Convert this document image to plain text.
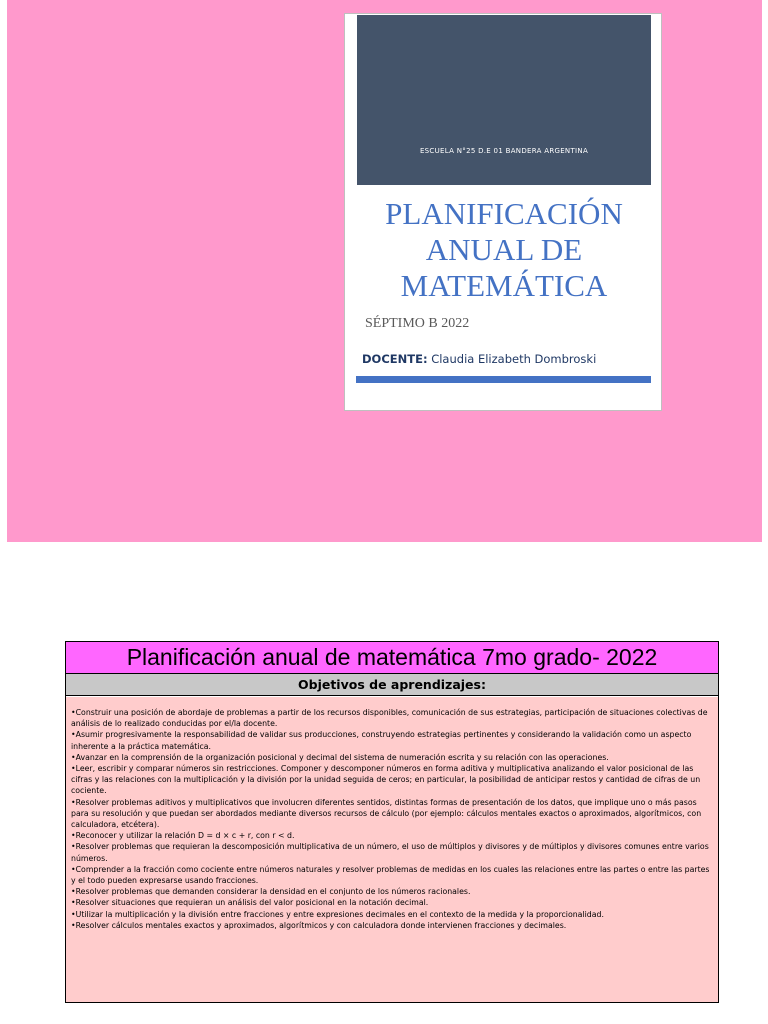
ESCUELA N°25 D.E 01 BANDERA ARGENTINA
PLANIFICACIÓN
ANUAL DE
MATEMÁTICA
SÉPTIMO B 2022
DOCENTE: Claudia Elizabeth Dombroski
Planificación anual de matemática 7mo grado- 2022
Objetivos de aprendizajes:
• Construir una posición de abordaje de problemas a partir de los recursos disponibles, comunicación de sus estrategias, participación de situaciones colectivas de análisis de lo realizado conducidas por el/la docente.
• Asumir progresivamente la responsabilidad de validar sus producciones, construyendo estrategias pertinentes y considerando la validación como un aspecto inherente a la práctica matemática.
• Avanzar en la comprensión de la organización posicional y decimal del sistema de numeración escrita y su relación con las operaciones.
• Leer, escribir y comparar números sin restricciones. Componer y descomponer números en forma aditiva y multiplicativa analizando el valor posicional de las cifras y las relaciones con la multiplicación y la división por la unidad seguida de ceros; en particular, la posibilidad de anticipar restos y cantidad de cifras de un cociente.
• Resolver problemas aditivos y multiplicativos que involucren diferentes sentidos, distintas formas de presentación de los datos, que implique uno o más pasos para su resolución y que puedan ser abordados mediante diversos recursos de cálculo (por ejemplo: cálculos mentales exactos o aproximados, algorítmicos, con calculadora, etcétera).
• Reconocer y utilizar la relación D = d × c + r, con r < d.
• Resolver problemas que requieran la descomposición multiplicativa de un número, el uso de múltiplos y divisores y de múltiplos y divisores comunes entre varios números.
• Comprender a la fracción como cociente entre números naturales y resolver problemas de medidas en los cuales las relaciones entre las partes o entre las partes y el todo pueden expresarse usando fracciones.
• Resolver problemas que demanden considerar la densidad en el conjunto de los números racionales.
• Resolver situaciones que requieran un análisis del valor posicional en la notación decimal.
• Utilizar la multiplicación y la división entre fracciones y entre expresiones decimales en el contexto de la medida y la proporcionalidad.
• Resolver cálculos mentales exactos y aproximados, algorítmicos y con calculadora donde intervienen fracciones y decimales.
